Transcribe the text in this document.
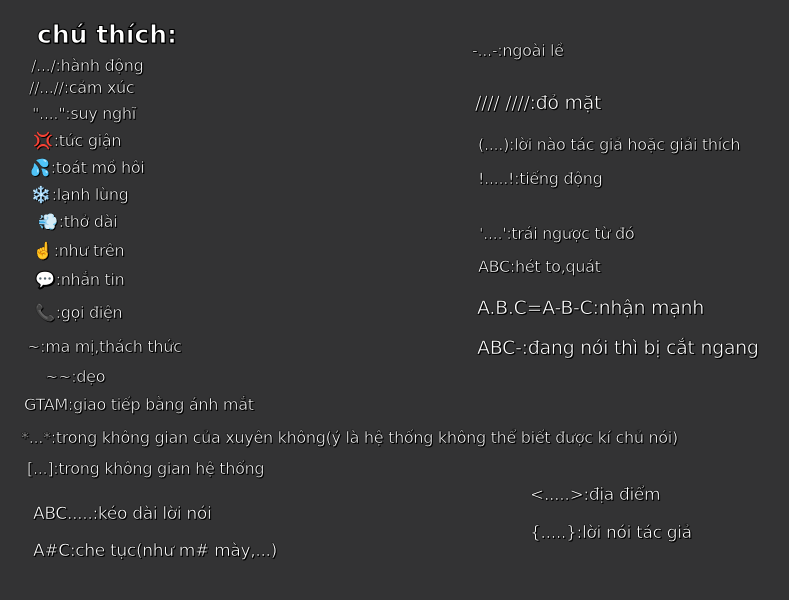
chú thích:
/.../:hành động
//...//:cảm xúc
"....":suy nghĩ
💢:tức giận
💦:toát mồ hôi
❄️:lạnh lùng
💨:thở dài
☝️:như trên
💬:nhắn tin
📞:gọi điện
~:ma mị,thách thức
~~:dẹo
GTAM:giao tiếp bằng ánh mắt
-...-:ngoài lề
//// ////:đỏ mặt
(....):lời nào tác giả hoặc giải thích
!.....!:tiếng động
'....':trái ngược từ đó
ABC:hét to,quát
A.B.C=A-B-C:nhận mạnh
ABC-:đang nói thì bị cắt ngang
*...*:trong không gian của xuyên không(ý là hệ thống không thể biết được kí chủ nói)
[...]:trong không gian hệ thống
ABC.....:kéo dài lời nói
A#C:che tục(như m# mày,...)
<.....>:địa điểm
{.....}:lời nói tác giả
